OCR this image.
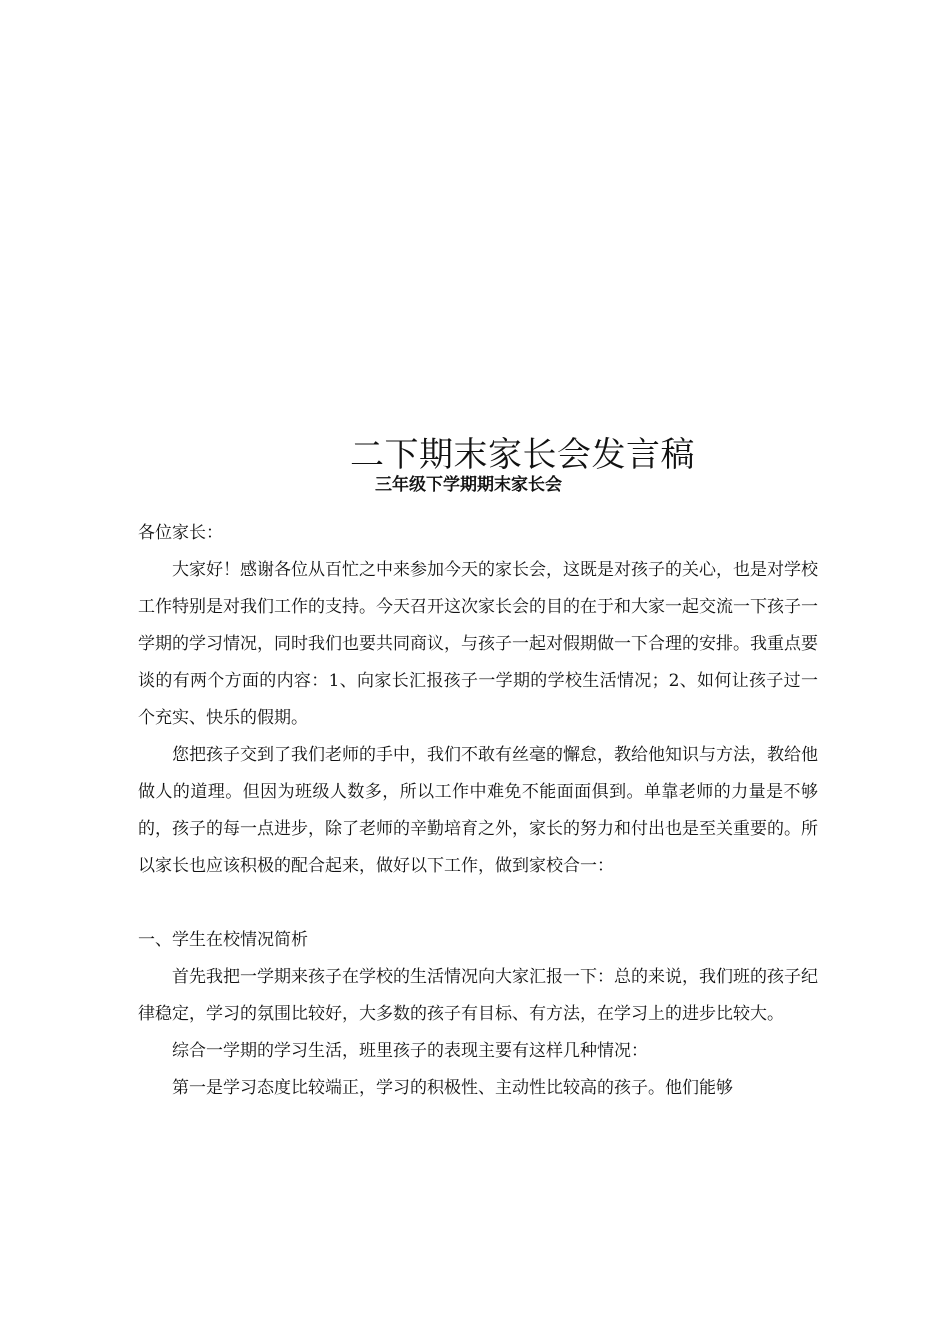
二下期末家长会发言稿
三年级下学期期末家长会

各位家长：

大家好！感谢各位从百忙之中来参加今天的家长会，这既是对孩子的关心，也是对学校工作特别是对我们工作的支持。今天召开这次家长会的目的在于和大家一起交流一下孩子一学期的学习情况，同时我们也要共同商议，与孩子一起对假期做一下合理的安排。我重点要谈的有两个方面的内容：1、向家长汇报孩子一学期的学校生活情况；2、如何让孩子过一个充实、快乐的假期。

您把孩子交到了我们老师的手中，我们不敢有丝毫的懈怠，教给他知识与方法，教给他做人的道理。但因为班级人数多，所以工作中难免不能面面俱到。单靠老师的力量是不够的，孩子的每一点进步，除了老师的辛勤培育之外，家长的努力和付出也是至关重要的。所以家长也应该积极的配合起来，做好以下工作，做到家校合一：

一、学生在校情况简析

首先我把一学期来孩子在学校的生活情况向大家汇报一下：总的来说，我们班的孩子纪律稳定，学习的氛围比较好，大多数的孩子有目标、有方法，在学习上的进步比较大。

综合一学期的学习生活，班里孩子的表现主要有这样几种情况：

第一是学习态度比较端正，学习的积极性、主动性比较高的孩子。他们能够
